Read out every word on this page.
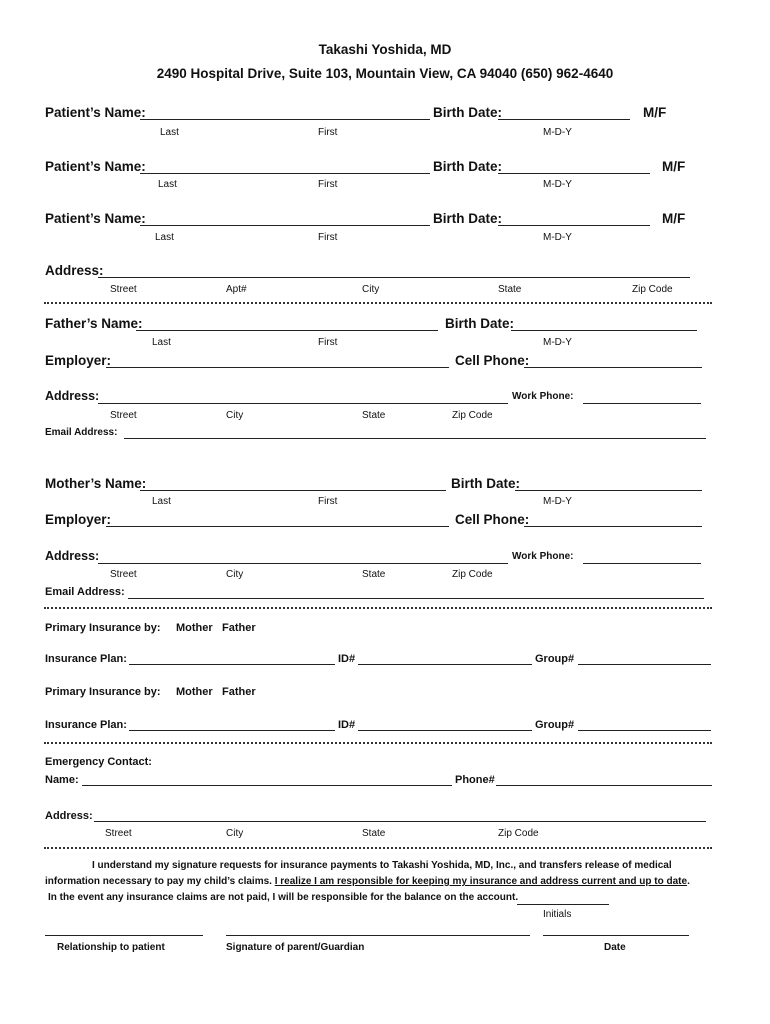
Takashi Yoshida, MD
2490 Hospital Drive, Suite 103, Mountain View, CA 94040 (650) 962-4640
Patient’s Name:	Birth Date:	M/F
Last	First	M-D-Y
Patient’s Name:	Birth Date:	M/F
Last	First	M-D-Y
Patient’s Name:	Birth Date:	M/F
Last	First	M-D-Y
Address:
Street	Apt#	City	State	Zip Code
Father’s Name:	Birth Date:
Last	First	M-D-Y
Employer:	Cell Phone:
Address:	Work Phone:
Street	City	State	Zip Code
Email Address:
Mother’s Name:	Birth Date:
Last	First	M-D-Y
Employer:	Cell Phone:
Address:	Work Phone:
Street	City	State	Zip Code
Email Address:
Primary Insurance by: Mother Father
Insurance Plan:	ID#	Group#
Primary Insurance by: Mother Father
Insurance Plan:	ID#	Group#
Emergency Contact:
Name:	Phone#
Address:
Street	City	State	Zip Code
I understand my signature requests for insurance payments to Takashi Yoshida, MD, Inc., and transfers release of medical
information necessary to pay my child’s claims. I realize I am responsible for keeping my insurance and address current and up to date.
In the event any insurance claims are not paid, I will be responsible for the balance on the account.
Initials
Relationship to patient	Signature of parent/Guardian	Date
